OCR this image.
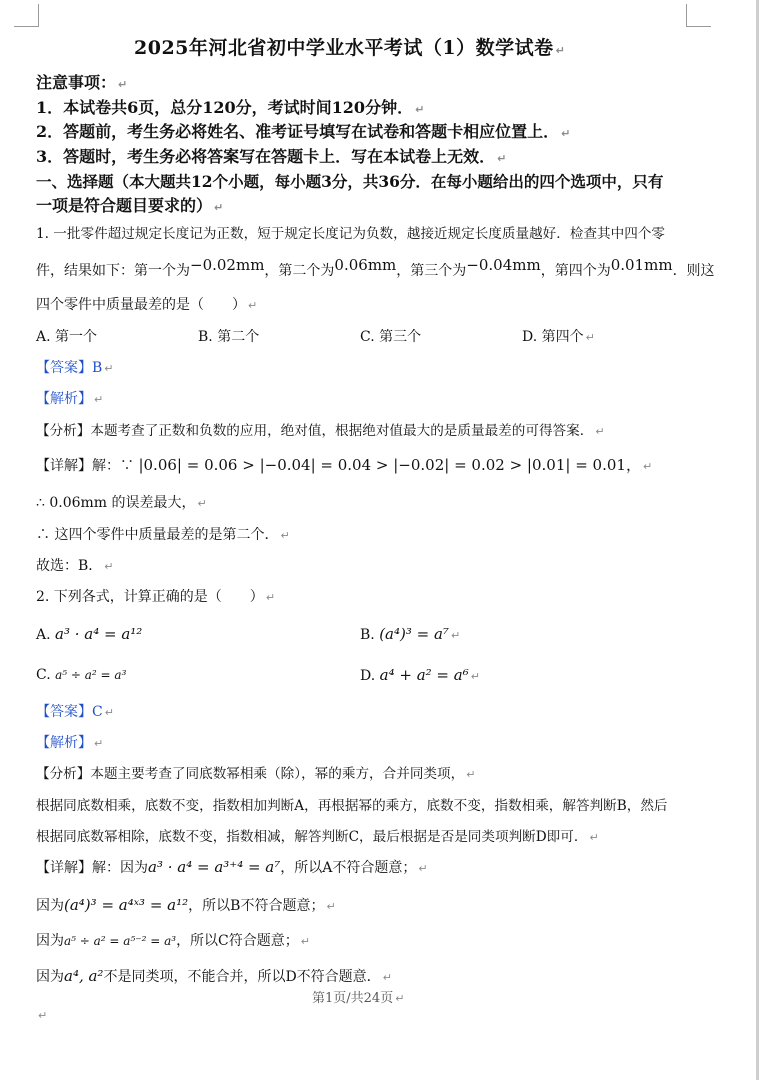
2025年河北省初中学业水平考试（1）数学试卷 ↵
注意事项： ↵
1．本试卷共6页，总分120分，考试时间120分钟． ↵
2．答题前，考生务必将姓名、准考证号填写在试卷和答题卡相应位置上． ↵
3．答题时，考生务必将答案写在答题卡上．写在本试卷上无效． ↵
一、选择题（本大题共12个小题，每小题3分，共36分．在每小题给出的四个选项中，只有
一项是符合题目要求的） ↵
1. 一批零件超过规定长度记为正数，短于规定长度记为负数，越接近规定长度质量越好．检查其中四个零
件，结果如下：第一个为−0.02mm，第二个为0.06mm，第三个为−0.04mm，第四个为0.01mm．则这
四个零件中质量最差的是（　　） ↵
A. 第一个	B. 第二个	C. 第三个	D. 第四个 ↵
【答案】B ↵
【解析】 ↵
【分析】本题考查了正数和负数的应用，绝对值，根据绝对值最大的是质量最差的可得答案． ↵
【详解】解：∵ |0.06| = 0.06 > |−0.04| = 0.04 > |−0.02| = 0.02 > |0.01| = 0.01， ↵
∴ 0.06mm 的误差最大， ↵
∴ 这四个零件中质量最差的是第二个． ↵
故选：B． ↵
2. 下列各式，计算正确的是（　　） ↵
A. a³ · a⁴ = a¹²	B. (a⁴)³ = a⁷ ↵
C. a⁵ ÷ a² = a³	D. a⁴ + a² = a⁶ ↵
【答案】C ↵
【解析】 ↵
【分析】本题主要考查了同底数幂相乘（除），幂的乘方，合并同类项， ↵
根据同底数相乘，底数不变，指数相加判断A，再根据幂的乘方，底数不变，指数相乘，解答判断B，然后
根据同底数幂相除，底数不变，指数相减，解答判断C，最后根据是否是同类项判断D即可． ↵
【详解】解：因为a³ · a⁴ = a³⁺⁴ = a⁷，所以A不符合题意； ↵
因为(a⁴)³ = a⁴ˣ³ = a¹²，所以B不符合题意； ↵
因为a⁵ ÷ a² = a⁵⁻² = a³，所以C符合题意； ↵
因为a⁴, a²不是同类项，不能合并，所以D不符合题意． ↵
第1页/共24页 ↵
↵
